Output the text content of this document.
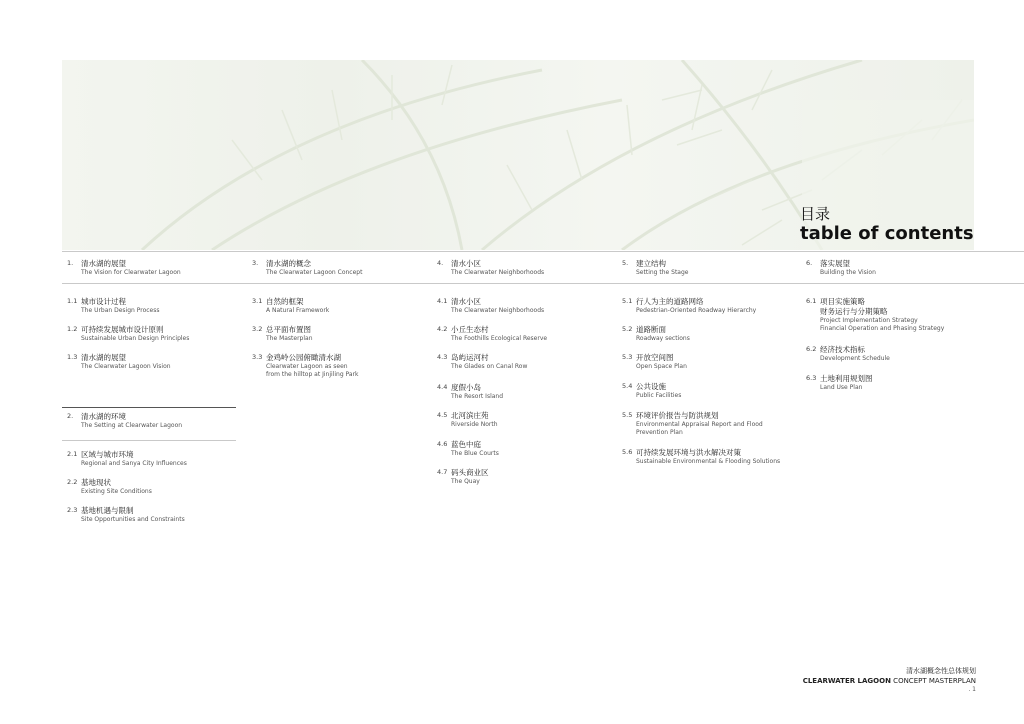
目录
table of contents
1.	清水湖的展望
The Vision for Clearwater Lagoon
3.	清水湖的概念
The Clearwater Lagoon Concept
4.	清水小区
The Clearwater Neighborhoods
5.	建立结构
Setting the Stage
6.	落实展望
Building the Vision
1.1 城市设计过程
The Urban Design Process
1.2 可持续发展城市设计原则
Sustainable Urban Design Principles
1.3 清水湖的展望
The Clearwater Lagoon Vision
2.	清水湖的环境
The Setting at Clearwater Lagoon
2.1 区域与城市环境
Regional and Sanya City Influences
2.2 基地现状
Existing Site Conditions
2.3 基地机遇与限制
Site Opportunities and Constraints
3.1 自然的框架
A Natural Framework
3.2 总平面布置图
The Masterplan
3.3 金鸡岭公园俯瞰清水湖
Clearwater Lagoon as seen
from the hilltop at Jinjiling Park
4.1 清水小区
The Clearwater Neighborhoods
4.2 小丘生态村
The Foothills Ecological Reserve
4.3 岛屿运河村
The Glades on Canal Row
4.4 度假小岛
The Resort Island
4.5 北河滨庄苑
Riverside North
4.6 蓝色中庭
The Blue Courts
4.7 码头商业区
The Quay
5.1 行人为主的道路网络
Pedestrian-Oriented Roadway Hierarchy
5.2 道路断面
Roadway sections
5.3 开放空间图
Open Space Plan
5.4 公共设施
Public Facilities
5.5 环境评价报告与防洪规划
Environmental Appraisal Report and Flood
Prevention Plan
5.6 可持续发展环境与洪水解决对策
Sustainable Environmental & Flooding Solutions
6.1 项目实施策略
财务运行与分期策略
Project Implementation Strategy
Financial Operation and Phasing Strategy
6.2 经济技术指标
Development Schedule
6.3 土地利用规划图
Land Use Plan
清水湖概念性总体规划
CLEARWATER LAGOON CONCEPT MASTERPLAN
. 1
